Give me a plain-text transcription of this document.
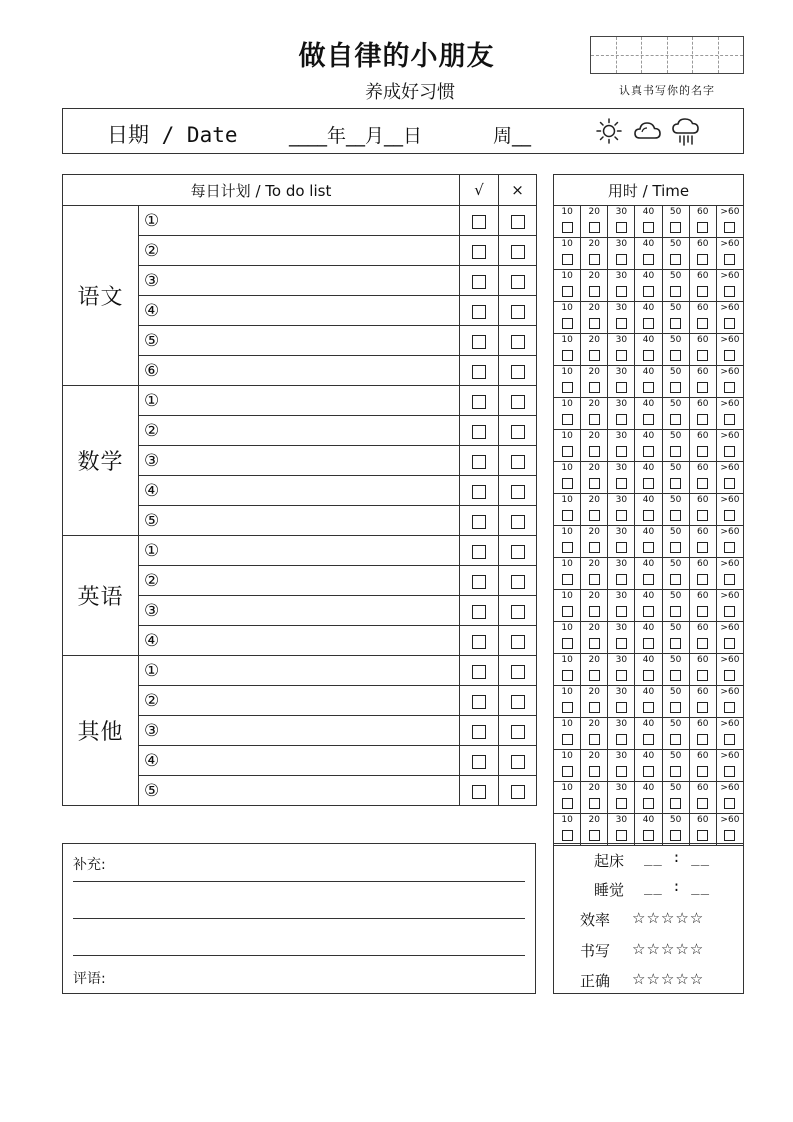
做自律的小朋友
养成好习惯	认真书写你的名字
日期 / Date	____年__月__日	周__
每日计划 / To do list		√	×
语文	①		
	②		
	③		
	④		
	⑤		
	⑥		
数学	①		
	②		
	③		
	④		
	⑤		
英语	①		
	②		
	③		
	④		
其他	①		
	②		
	③		
	④		
	⑤		
用时 / Time						

10	20	30	40	50	60	>60

10	20	30	40	50	60	>60

10	20	30	40	50	60	>60

10	20	30	40	50	60	>60

10	20	30	40	50	60	>60

10	20	30	40	50	60	>60

10	20	30	40	50	60	>60

10	20	30	40	50	60	>60

10	20	30	40	50	60	>60

10	20	30	40	50	60	>60

10	20	30	40	50	60	>60

10	20	30	40	50	60	>60

10	20	30	40	50	60	>60

10	20	30	40	50	60	>60

10	20	30	40	50	60	>60

10	20	30	40	50	60	>60

10	20	30	40	50	60	>60

10	20	30	40	50	60	>60

10	20	30	40	50	60	>60

10	20	30	40	50	60	>60
补充:
评语:
起床 __ : __
睡觉 __ : __
效率 ☆☆☆☆☆
书写 ☆☆☆☆☆
正确 ☆☆☆☆☆
